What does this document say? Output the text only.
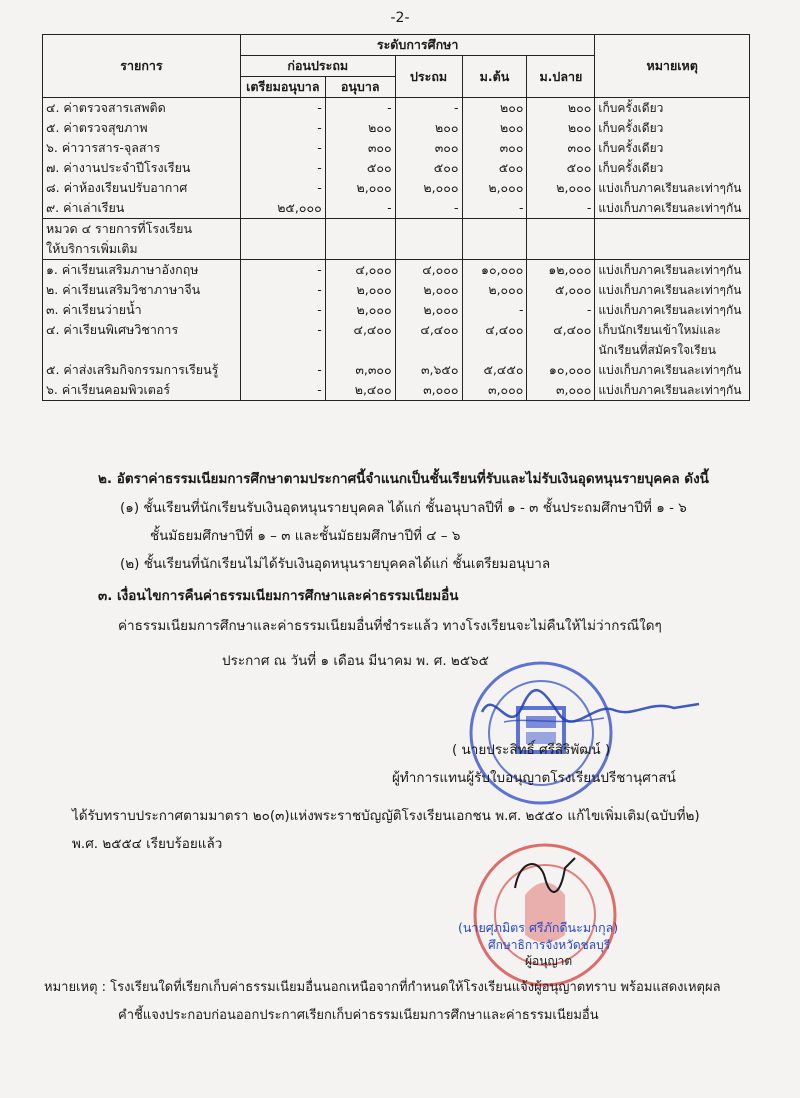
-2-
รายการ	ระดับการศึกษา					หมายเหตุ
	ก่อนประถม		ประถม	ม.ต้น	ม.ปลาย	
	เตรียมอนุบาล	อนุบาล				
๔. ค่าตรวจสารเสพติด	-	-	-	๒๐๐	๒๐๐	เก็บครั้งเดียว
๕. ค่าตรวจสุขภาพ	-	๒๐๐	๒๐๐	๒๐๐	๒๐๐	เก็บครั้งเดียว
๖. ค่าวารสาร-จุลสาร	-	๓๐๐	๓๐๐	๓๐๐	๓๐๐	เก็บครั้งเดียว
๗. ค่างานประจำปีโรงเรียน	-	๕๐๐	๕๐๐	๕๐๐	๕๐๐	เก็บครั้งเดียว
๘. ค่าห้องเรียนปรับอากาศ	-	๒,๐๐๐	๒,๐๐๐	๒,๐๐๐	๒,๐๐๐	แบ่งเก็บภาคเรียนละเท่าๆกัน
๙. ค่าเล่าเรียน	๒๕,๐๐๐	-	-	-	-	แบ่งเก็บภาคเรียนละเท่าๆกัน
หมวด ๔ รายการที่โรงเรียน
ให้บริการเพิ่มเติม						
๑. ค่าเรียนเสริมภาษาอังกฤษ	-	๔,๐๐๐	๔,๐๐๐	๑๐,๐๐๐	๑๒,๐๐๐	แบ่งเก็บภาคเรียนละเท่าๆกัน
๒. ค่าเรียนเสริมวิชาภาษาจีน	-	๒,๐๐๐	๒,๐๐๐	๒,๐๐๐	๕,๐๐๐	แบ่งเก็บภาคเรียนละเท่าๆกัน
๓. ค่าเรียนว่ายน้ำ	-	๒,๐๐๐	๒,๐๐๐	-	-	แบ่งเก็บภาคเรียนละเท่าๆกัน
๔. ค่าเรียนพิเศษวิชาการ	-	๔,๔๐๐	๔,๔๐๐	๔,๔๐๐	๔,๔๐๐	เก็บนักเรียนเข้าใหม่และนักเรียนที่สมัครใจเรียน
๕. ค่าส่งเสริมกิจกรรมการเรียนรู้	-	๓,๓๐๐	๓,๖๕๐	๕,๔๕๐	๑๐,๐๐๐	แบ่งเก็บภาคเรียนละเท่าๆกัน
๖. ค่าเรียนคอมพิวเตอร์	-	๒,๔๐๐	๓,๐๐๐	๓,๐๐๐	๓,๐๐๐	แบ่งเก็บภาคเรียนละเท่าๆกัน
๒. อัตราค่าธรรมเนียมการศึกษาตามประกาศนี้จำแนกเป็นชั้นเรียนที่รับและไม่รับเงินอุดหนุนรายบุคคล ดังนี้
(๑) ชั้นเรียนที่นักเรียนรับเงินอุดหนุนรายบุคคล ได้แก่ ชั้นอนุบาลปีที่ ๑ - ๓ ชั้นประถมศึกษาปีที่ ๑ - ๖
ชั้นมัธยมศึกษาปีที่ ๑ – ๓ และชั้นมัธยมศึกษาปีที่ ๔ – ๖
(๒) ชั้นเรียนที่นักเรียนไม่ได้รับเงินอุดหนุนรายบุคคลได้แก่ ชั้นเตรียมอนุบาล
๓. เงื่อนไขการคืนค่าธรรมเนียมการศึกษาและค่าธรรมเนียมอื่น
ค่าธรรมเนียมการศึกษาและค่าธรรมเนียมอื่นที่ชำระแล้ว ทางโรงเรียนจะไม่คืนให้ไม่ว่ากรณีใดๆ
ประกาศ ณ วันที่ ๑ เดือน มีนาคม พ. ศ. ๒๕๖๕
( นายประสิทธิ์ ศรีสิริพัฒน์ )
ผู้ทำการแทนผู้รับใบอนุญาตโรงเรียนปรีชานุศาสน์
ได้รับทราบประกาศตามมาตรา ๒๐(๓)แห่งพระราชบัญญัติโรงเรียนเอกชน พ.ศ. ๒๕๕๐ แก้ไขเพิ่มเติม(ฉบับที่๒)
พ.ศ. ๒๕๕๔ เรียบร้อยแล้ว
(นายศุภมิตร ศรีภักดีนะมากุล)
ศึกษาธิการจังหวัดชลบุรี
ผู้อนุญาต
หมายเหตุ : โรงเรียนใดที่เรียกเก็บค่าธรรมเนียมอื่นนอกเหนือจากที่กำหนดให้โรงเรียนแจ้งผู้อนุญาตทราบ พร้อมแสดงเหตุผล
คำชี้แจงประกอบก่อนออกประกาศเรียกเก็บค่าธรรมเนียมการศึกษาและค่าธรรมเนียมอื่น
